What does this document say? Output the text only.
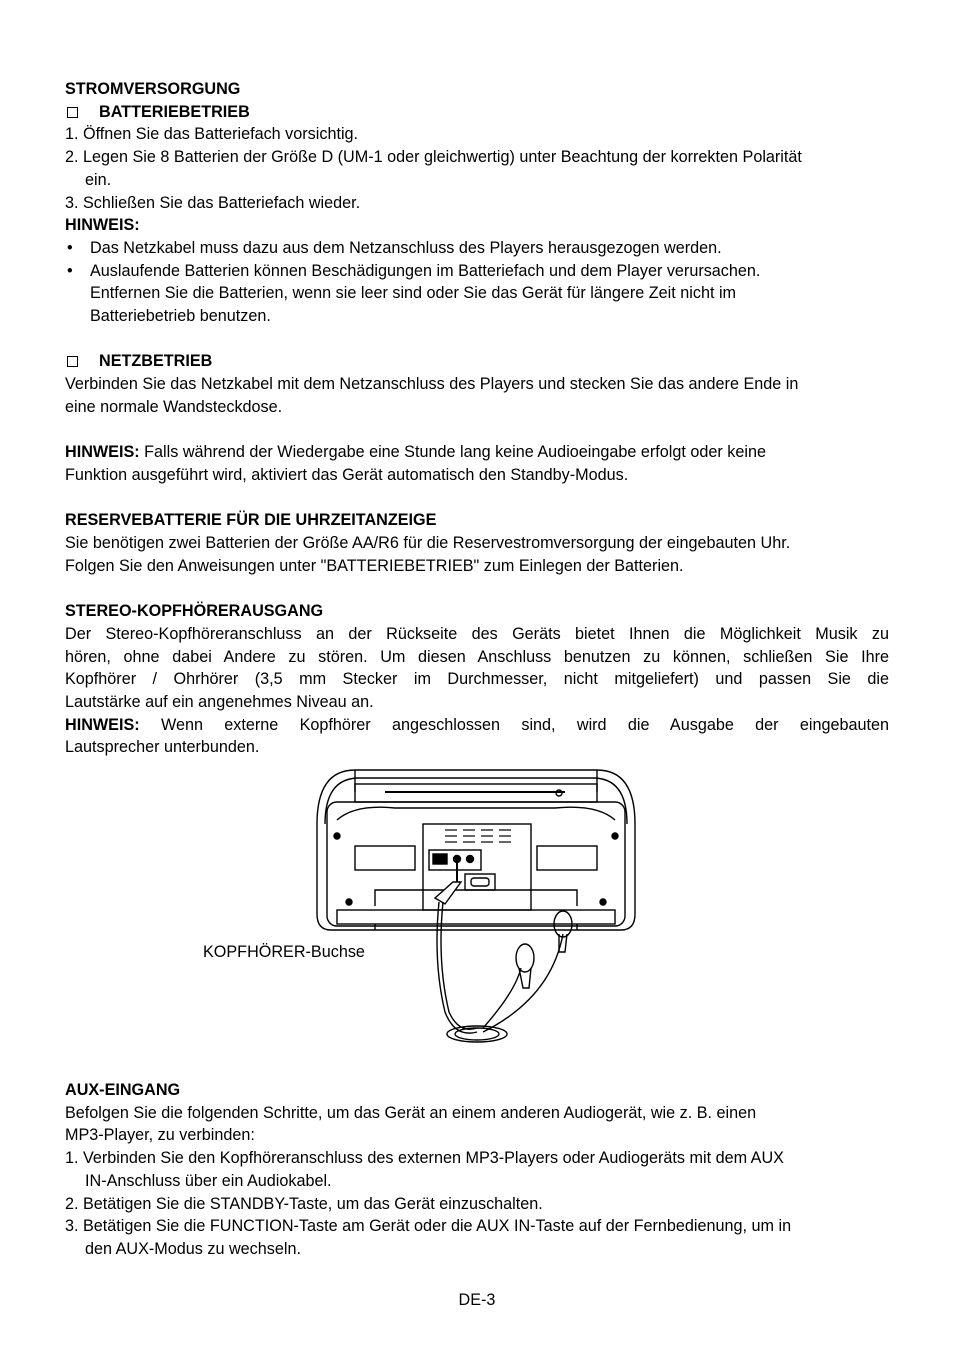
STROMVERSORGUNG
BATTERIEBETRIEB
1. Öffnen Sie das Batteriefach vorsichtig.
2. Legen Sie 8 Batterien der Größe D (UM-1 oder gleichwertig) unter Beachtung der korrekten Polarität
ein.
3. Schließen Sie das Batteriefach wieder.
HINWEIS:
• Das Netzkabel muss dazu aus dem Netzanschluss des Players herausgezogen werden.
• Auslaufende Batterien können Beschädigungen im Batteriefach und dem Player verursachen.
Entfernen Sie die Batterien, wenn sie leer sind oder Sie das Gerät für längere Zeit nicht im
Batteriebetrieb benutzen.
NETZBETRIEB
Verbinden Sie das Netzkabel mit dem Netzanschluss des Players und stecken Sie das andere Ende in
eine normale Wandsteckdose.
HINWEIS: Falls während der Wiedergabe eine Stunde lang keine Audioeingabe erfolgt oder keine
Funktion ausgeführt wird, aktiviert das Gerät automatisch den Standby-Modus.
RESERVEBATTERIE FÜR DIE UHRZEITANZEIGE
Sie benötigen zwei Batterien der Größe AA/R6 für die Reservestromversorgung der eingebauten Uhr.
Folgen Sie den Anweisungen unter "BATTERIEBETRIEB" zum Einlegen der Batterien.
STEREO-KOPFHÖRERAUSGANG
Der Stereo-Kopfhöreranschluss an der Rückseite des Geräts bietet Ihnen die Möglichkeit Musik zu
hören, ohne dabei Andere zu stören. Um diesen Anschluss benutzen zu können, schließen Sie Ihre
Kopfhörer / Ohrhörer (3,5 mm Stecker im Durchmesser, nicht mitgeliefert) und passen Sie die
Lautstärke auf ein angenehmes Niveau an.
HINWEIS: Wenn externe Kopfhörer angeschlossen sind, wird die Ausgabe der eingebauten
Lautsprecher unterbunden.
KOPFHÖRER-Buchse
AUX-EINGANG
Befolgen Sie die folgenden Schritte, um das Gerät an einem anderen Audiogerät, wie z. B. einen
MP3-Player, zu verbinden:
1. Verbinden Sie den Kopfhöreranschluss des externen MP3-Players oder Audiogeräts mit dem AUX
IN-Anschluss über ein Audiokabel.
2. Betätigen Sie die STANDBY-Taste, um das Gerät einzuschalten.
3. Betätigen Sie die FUNCTION-Taste am Gerät oder die AUX IN-Taste auf der Fernbedienung, um in
den AUX-Modus zu wechseln.
DE-3
